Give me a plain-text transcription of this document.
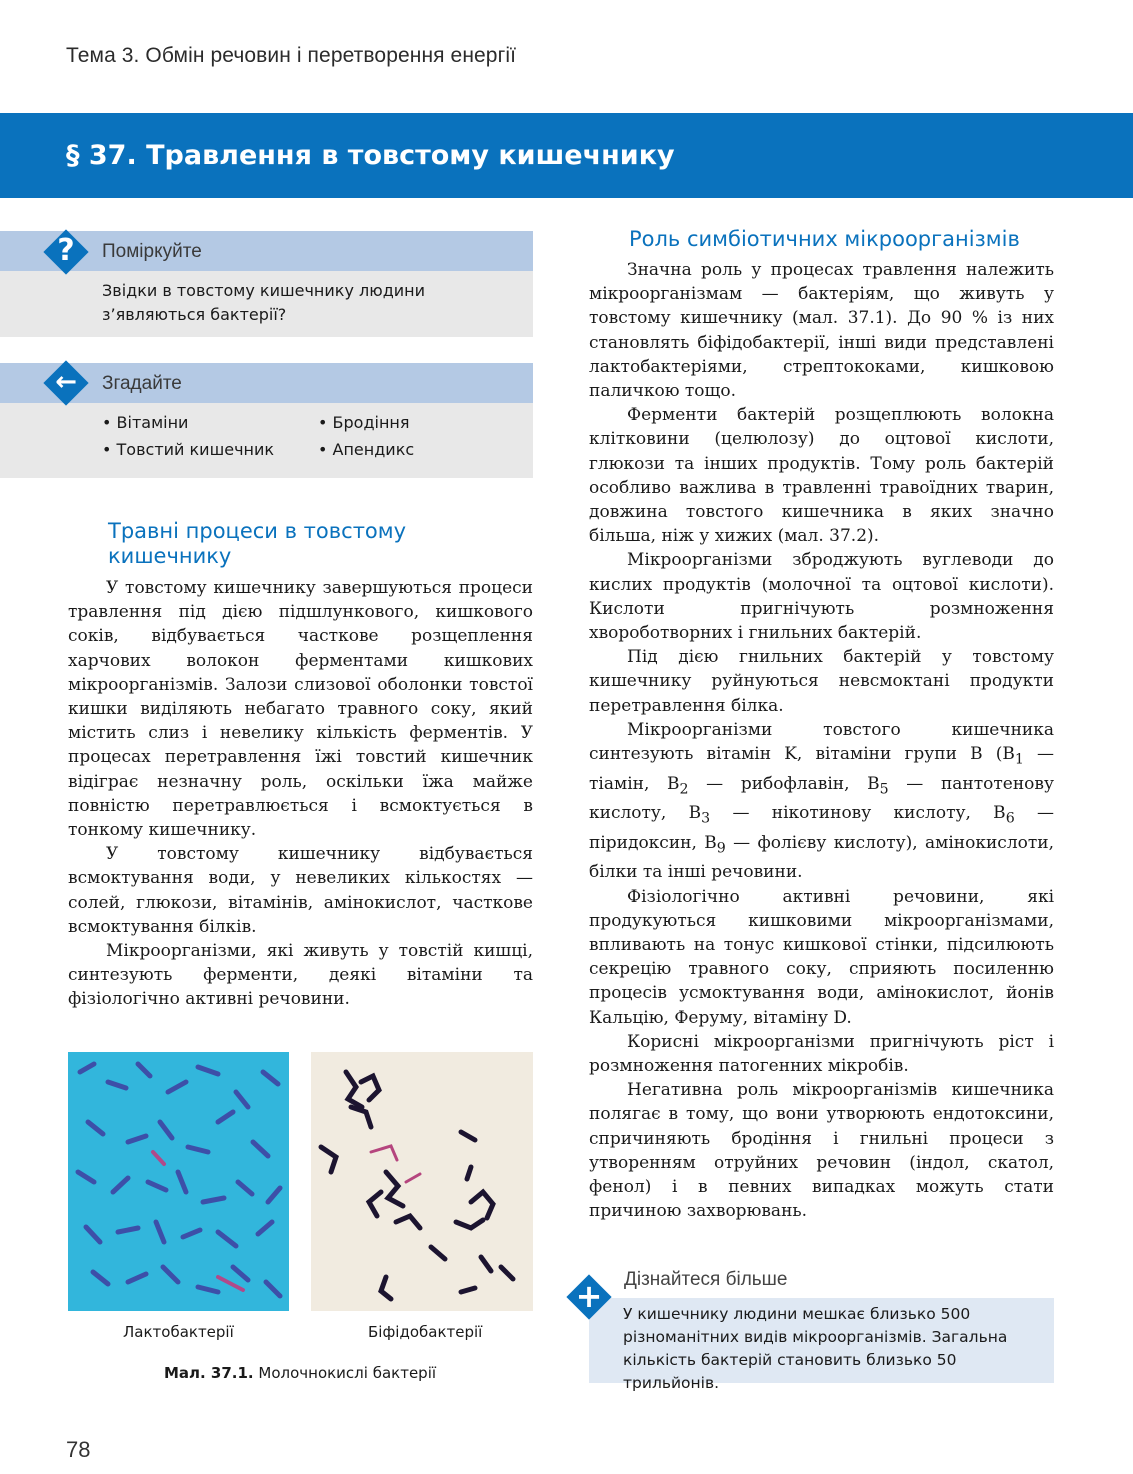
Тема 3. Обмін речовин і перетворення енергії
§ 37. Травлення в товстому кишечнику
Поміркуйте
?
Звідки в товстому кишечнику людини
з’являються бактерії?
Згадайте
←
• Вітаміни	• Бродіння
• Товстий кишечник	• Апендикс
Травні процеси в товстому
кишечнику

У товстому кишечнику завершуються процеси травлення під дією підшлункового, кишкового соків, відбувається часткове розщеплення харчових волокон ферментами кишкових мікроорганізмів. Залози слизової оболонки товстої кишки виділяють небагато травного соку, який містить слиз і невелику кількість ферментів. У процесах перетравлення їжі товстий кишечник відіграє незначну роль, оскільки їжа майже повністю перетравлюється і всмоктується в тонкому кишечнику.

У товстому кишечнику відбувається всмоктування води, у невеликих кількостях — солей, глюкози, вітамінів, амінокислот, часткове всмоктування білків.

Мікроорганізми, які живуть у товстій кишці, синтезують ферменти, деякі вітаміни та фізіологічно активні речовини.

Лактобактерії	Біфідобактерії
Мал. 37.1. Молочнокислі бактерії
Роль симбіотичних мікроорганізмів

Значна роль у процесах травлення належить мікроорганізмам — бактеріям, що живуть у товстому кишечнику (мал. 37.1). До 90 % із них становлять біфідобактерії, інші види представлені лактобактеріями, стрептококами, кишковою паличкою тощо.

Ферменти бактерій розщеплюють волокна клітковини (целюлозу) до оцтової кислоти, глюкози та інших продуктів. Тому роль бактерій особливо важлива в травленні травоїдних тварин, довжина товстого кишечника в яких значно більша, ніж у хижих (мал. 37.2).

Мікроорганізми зброджують вуглеводи до кислих продуктів (молочної та оцтової кислоти). Кислоти пригнічують розмноження хвороботворних і гнильних бактерій.

Під дією гнильних бактерій у товстому кишечнику руйнуються невсмоктані продукти перетравлення білка.

Мікроорганізми товстого кишечника синтезують вітамін K, вітаміни групи B ($B_1$ — тіамін, $B_2$ — рибофлавін, $B_5$ — пантотенову кислоту, $B_3$ — нікотинову кислоту, $B_6$ — піридоксин, $B_9$ — фолієву кислоту), амінокислоти, білки та інші речовини.

Фізіологічно активні речовини, які продукуються кишковими мікроорганізмами, впливають на тонус кишкової стінки, підсилюють секрецію травного соку, сприяють посиленню процесів усмоктування води, амінокислот, йонів Кальцію, Феруму, вітаміну D.

Корисні мікроорганізми пригнічують ріст і розмноження патогенних мікробів.

Негативна роль мікроорганізмів кишечника полягає в тому, що вони утворюють ендотоксини, спричиняють бродіння і гнильні процеси з утворенням отруйних речовин (індол, скатол, фенол) і в певних випадках можуть стати причиною захворювань.

Дізнайтеся більше
+ У кишечнику людини мешкає близько 500 різноманітних видів мікроорганізмів. Загальна кількість бактерій становить близько 50 трильйонів.
78
